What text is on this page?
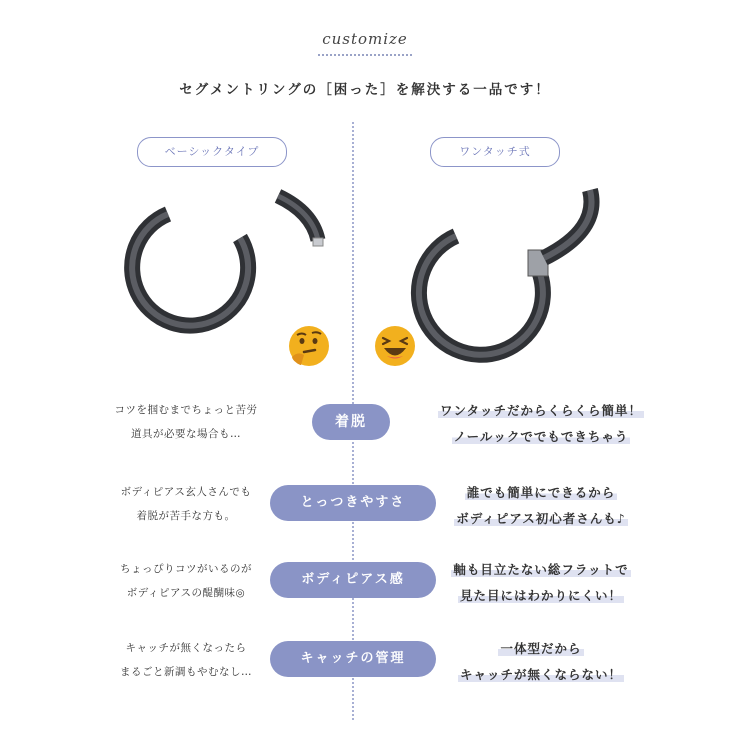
customize
セグメントリングの［困った］を解決する一品です！
ベーシックタイプ	ワンタッチ式
コツを掴むまでちょっと苦労
道具が必要な場合も…
着脱
ワンタッチだからくらくら簡単！
ノールックででもできちゃう
ボディピアス玄人さんでも
着脱が苦手な方も。
とっつきやすさ
誰でも簡単にできるから
ボディピアス初心者さんも♪
ちょっぴりコツがいるのが
ボディピアスの醍醐味◎
ボディピアス感
軸も目立たない総フラットで
見た目にはわかりにくい！
キャッチが無くなったら
まるごと新調もやむなし…
キャッチの管理
一体型だから
キャッチが無くならない！
